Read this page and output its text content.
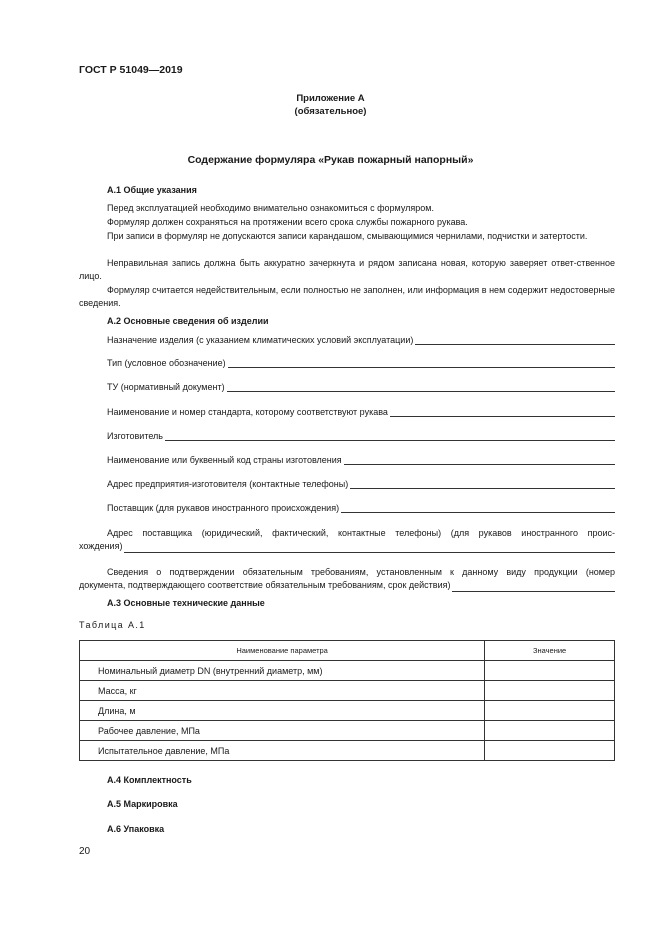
ГОСТ Р 51049—2019
Приложение А
(обязательное)
Содержание формуляра «Рукав пожарный напорный»
А.1 Общие указания
Перед эксплуатацией необходимо внимательно ознакомиться с формуляром.
Формуляр должен сохраняться на протяжении всего срока службы пожарного рукава.
При записи в формуляр не допускаются записи карандашом, смывающимися чернилами, подчистки и затертости.
Неправильная запись должна быть аккуратно зачеркнута и рядом записана новая, которую заверяет ответ-ственное лицо.
Формуляр считается недействительным, если полностью не заполнен, или информация в нем содержит недостоверные сведения.
А.2 Основные сведения об изделии
Назначение изделия (с указанием климатических условий эксплуатации)
Тип (условное обозначение)
ТУ (нормативный документ)
Наименование и номер стандарта, которому соответствуют рукава
Изготовитель
Наименование или буквенный код страны изготовления
Адрес предприятия-изготовителя (контактные телефоны)
Поставщик (для рукавов иностранного происхождения)
Адрес поставщика (юридический, фактический, контактные телефоны) (для рукавов иностранного проис-
хождения)
Сведения о подтверждении обязательным требованиям, установленным к данному виду продукции (номер
документа, подтверждающего соответствие обязательным требованиям, срок действия)
А.3 Основные технические данные
Таблица А.1
Наименование параметра	Значение
Номинальный диаметр DN (внутренний диаметр, мм)	
Масса, кг	
Длина, м	
Рабочее давление, МПа	
Испытательное давление, МПа	
А.4 Комплектность
А.5 Маркировка
А.6 Упаковка
20
